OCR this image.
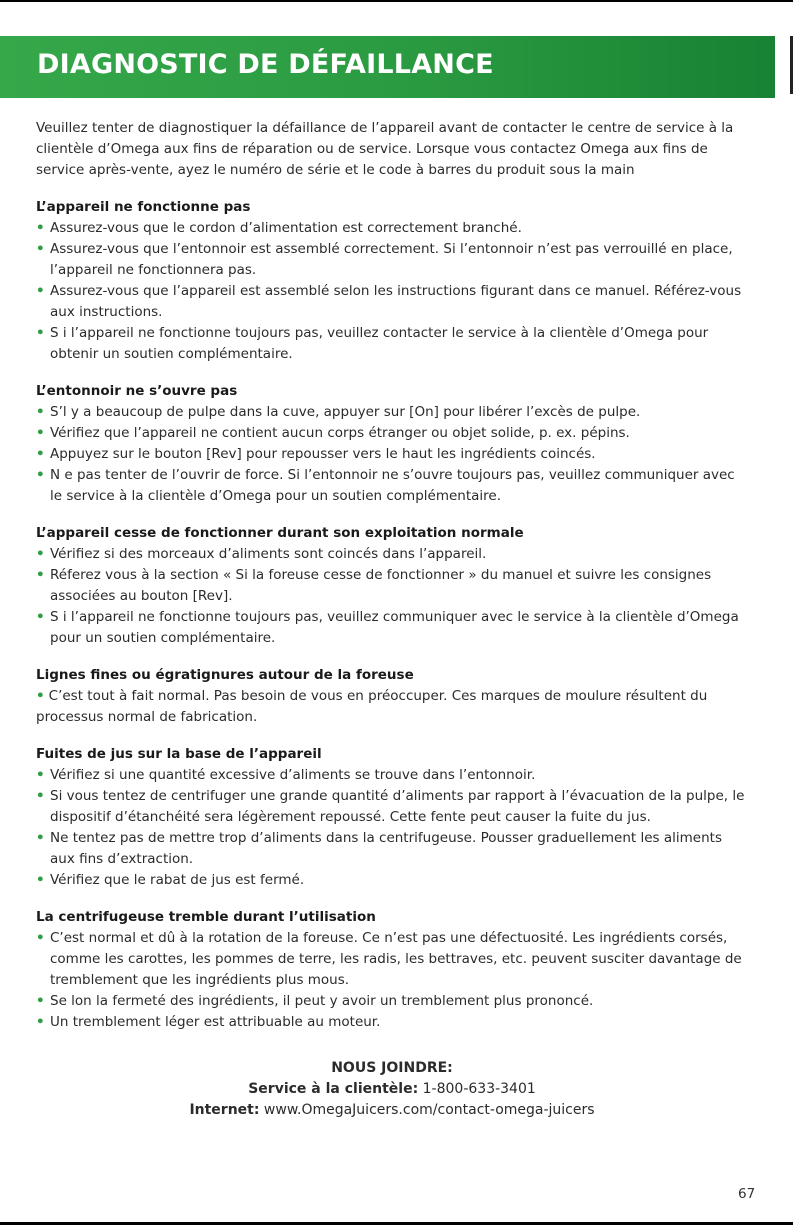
DIAGNOSTIC DE DÉFAILLANCE

Veuillez tenter de diagnostiquer la défaillance de l’appareil avant de contacter le centre de service à la clientèle d’Omega aux fins de réparation ou de service. Lorsque vous contactez Omega aux fins de service après-vente, ayez le numéro de série et le code à barres du produit sous la main

L’appareil ne fonctionne pas
• Assurez-vous que le cordon d’alimentation est correctement branché.
• Assurez-vous que l’entonnoir est assemblé correctement. Si l’entonnoir n’est pas verrouillé en place, l’appareil ne fonctionnera pas.
• Assurez-vous que l’appareil est assemblé selon les instructions figurant dans ce manuel. Référez-vous aux instructions.
• S i l’appareil ne fonctionne toujours pas, veuillez contacter le service à la clientèle d’Omega pour obtenir un soutien complémentaire.
L’entonnoir ne s’ouvre pas
• S’l y a beaucoup de pulpe dans la cuve, appuyer sur [On] pour libérer l’excès de pulpe.
• Vérifiez que l’appareil ne contient aucun corps étranger ou objet solide, p. ex. pépins.
• Appuyez sur le bouton [Rev] pour repousser vers le haut les ingrédients coincés.
• N e pas tenter de l’ouvrir de force. Si l’entonnoir ne s’ouvre toujours pas, veuillez communiquer avec le service à la clientèle d’Omega pour un soutien complémentaire.
L’appareil cesse de fonctionner durant son exploitation normale
• Vérifiez si des morceaux d’aliments sont coincés dans l’appareil.
• Réferez vous à la section « Si la foreuse cesse de fonctionner » du manuel et suivre les consignes associées au bouton [Rev].
• S i l’appareil ne fonctionne toujours pas, veuillez communiquer avec le service à la clientèle d’Omega pour un soutien complémentaire.
Lignes fines ou égratignures autour de la foreuse

• C’est tout à fait normal. Pas besoin de vous en préoccuper. Ces marques de moulure résultent du processus normal de fabrication.

Fuites de jus sur la base de l’appareil
• Vérifiez si une quantité excessive d’aliments se trouve dans l’entonnoir.
• Si vous tentez de centrifuger une grande quantité d’aliments par rapport à l’évacuation de la pulpe, le dispositif d’étanchéité sera légèrement repoussé. Cette fente peut causer la fuite du jus.
• Ne tentez pas de mettre trop d’aliments dans la centrifugeuse. Pousser graduellement les aliments aux fins d’extraction.
• Vérifiez que le rabat de jus est fermé.
La centrifugeuse tremble durant l’utilisation
• C’est normal et dû à la rotation de la foreuse. Ce n’est pas une défectuosité. Les ingrédients corsés, comme les carottes, les pommes de terre, les radis, les bettraves, etc. peuvent susciter davantage de tremblement que les ingrédients plus mous.
• Se lon la fermeté des ingrédients, il peut y avoir un tremblement plus prononcé.
• Un tremblement léger est attribuable au moteur.

NOUS JOINDRE:

Service à la clientèle: 1-800-633-3401

Internet: www.OmegaJuicers.com/contact-omega-juicers

67
